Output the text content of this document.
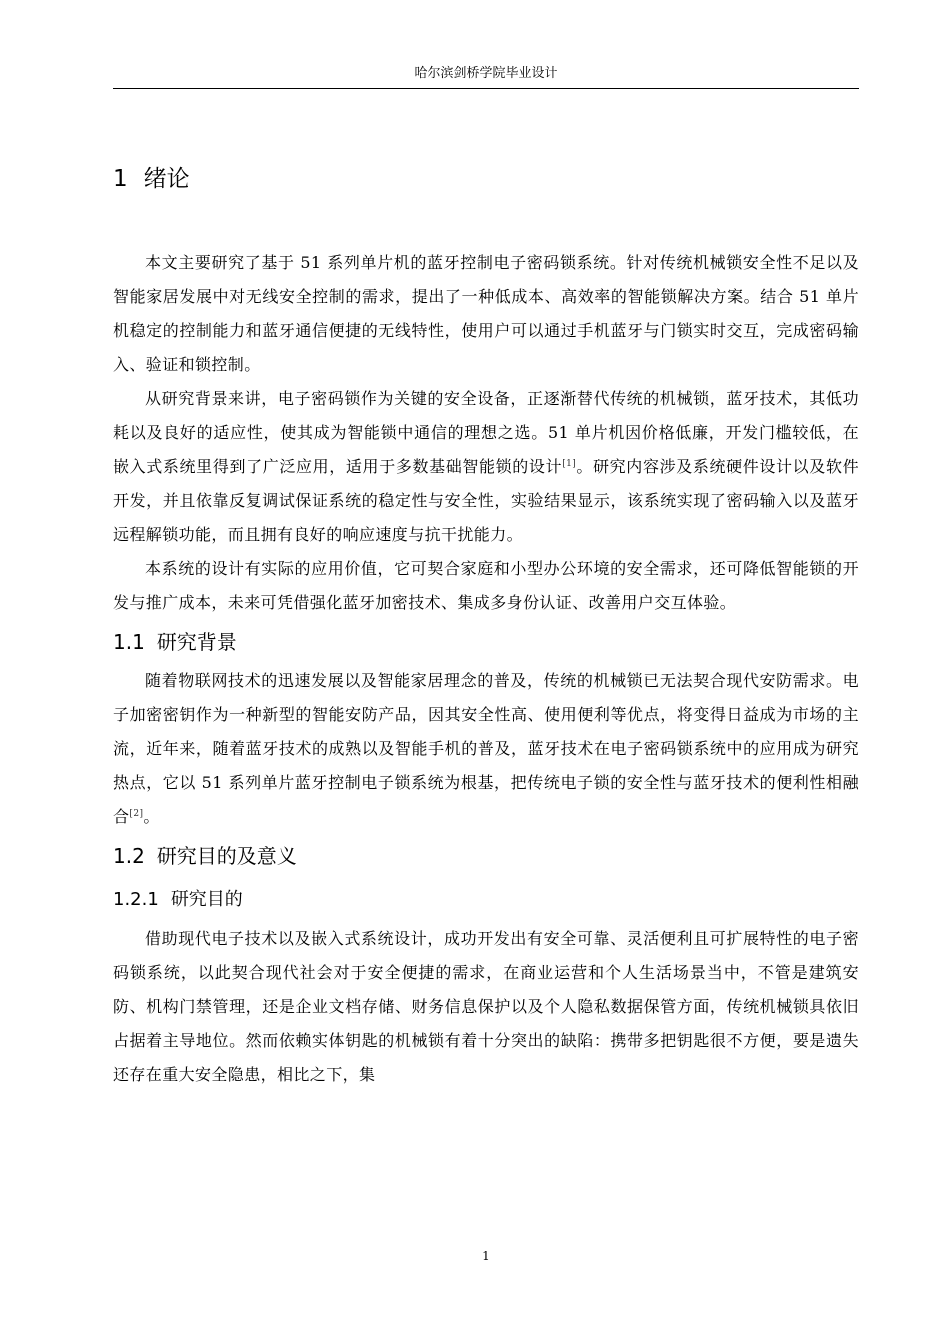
哈尔滨剑桥学院毕业设计
1 绪论

本文主要研究了基于 51 系列单片机的蓝牙控制电子密码锁系统。针对传统机械锁安全性不足以及智能家居发展中对无线安全控制的需求，提出了一种低成本、高效率的智能锁解决方案。结合 51 单片机稳定的控制能力和蓝牙通信便捷的无线特性，使用户可以通过手机蓝牙与门锁实时交互，完成密码输入、验证和锁控制。

从研究背景来讲，电子密码锁作为关键的安全设备，正逐渐替代传统的机械锁，蓝牙技术，其低功耗以及良好的适应性，使其成为智能锁中通信的理想之选。51 单片机因价格低廉，开发门槛较低，在嵌入式系统里得到了广泛应用，适用于多数基础智能锁的设计[1]。研究内容涉及系统硬件设计以及软件开发，并且依靠反复调试保证系统的稳定性与安全性，实验结果显示，该系统实现了密码输入以及蓝牙远程解锁功能，而且拥有良好的响应速度与抗干扰能力。

本系统的设计有实际的应用价值，它可契合家庭和小型办公环境的安全需求，还可降低智能锁的开发与推广成本，未来可凭借强化蓝牙加密技术、集成多身份认证、改善用户交互体验。

1.1 研究背景

随着物联网技术的迅速发展以及智能家居理念的普及，传统的机械锁已无法契合现代安防需求。电子加密密钥作为一种新型的智能安防产品，因其安全性高、使用便利等优点，将变得日益成为市场的主流，近年来，随着蓝牙技术的成熟以及智能手机的普及，蓝牙技术在电子密码锁系统中的应用成为研究热点，它以 51 系列单片蓝牙控制电子锁系统为根基，把传统电子锁的安全性与蓝牙技术的便利性相融合[2]。

1.2 研究目的及意义
1.2.1 研究目的

借助现代电子技术以及嵌入式系统设计，成功开发出有安全可靠、灵活便利且可扩展特性的电子密码锁系统，以此契合现代社会对于安全便捷的需求，在商业运营和个人生活场景当中，不管是建筑安防、机构门禁管理，还是企业文档存储、财务信息保护以及个人隐私数据保管方面，传统机械锁具依旧占据着主导地位。然而依赖实体钥匙的机械锁有着十分突出的缺陷：携带多把钥匙很不方便，要是遗失还存在重大安全隐患，相比之下，集

1
